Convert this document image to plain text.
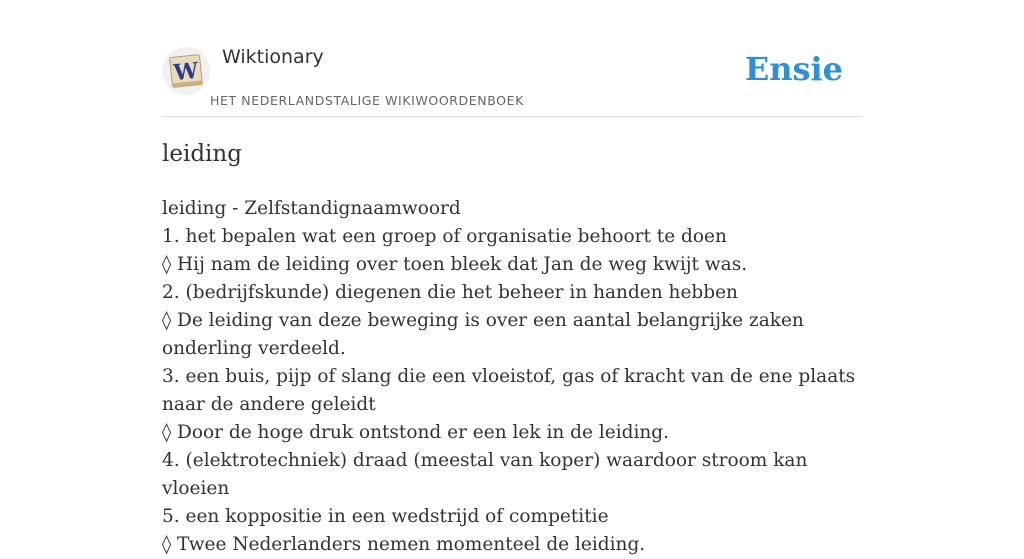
W
Wiktionary
HET NEDERLANDSTALIGE WIKIWOORDENBOEK
Ensie
leiding
leiding - Zelfstandignaamwoord
1. het bepalen wat een groep of organisatie behoort te doen
◊ Hij nam de leiding over toen bleek dat Jan de weg kwijt was.
2. (bedrijfskunde) diegenen die het beheer in handen hebben
◊ De leiding van deze beweging is over een aantal belangrijke zaken onderling verdeeld.
3. een buis, pijp of slang die een vloeistof, gas of kracht van de ene plaats naar de andere geleidt
◊ Door de hoge druk ontstond er een lek in de leiding.
4. (elektrotechniek) draad (meestal van koper) waardoor stroom kan vloeien
5. een koppositie in een wedstrijd of competitie
◊ Twee Nederlanders nemen momenteel de leiding.
